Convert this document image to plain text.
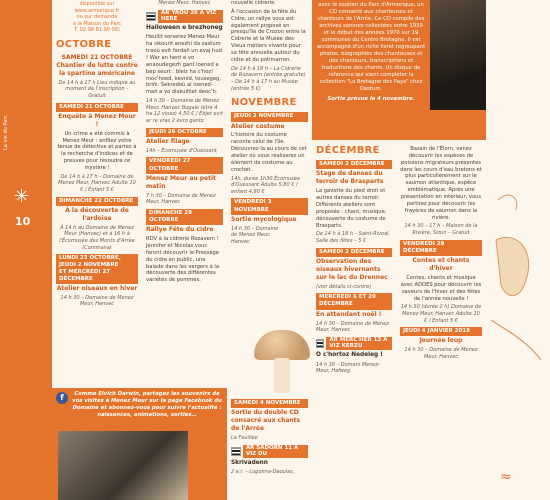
La vie du Parc
✳
10
disponible sur
www.armorique.fr
ou sur demande
à la Maison du Parc
T. 02 98 81 90 08)
OCTOBRE
SAMEDI 21 OCTOBRE
Chantier de lutte contre la spartine américaine
De 14 h à 17 h Lieu indiqué au moment de l'inscription – Gratuit
SAMEDI 21 OCTOBRE
Enquête à Menez Meur !
Un crime a été commis à Menez Meur : enfilez votre tenue de détective et partez à la recherche d'indices et de preuves pour résoudre ce mystère !
De 14 h à 17 h – Domaine de Menez Meur, Hanvec Adulte 10 € / Enfant 5 €
DIMANCHE 22 OCTOBRE
À la découverte de l'ardoise
À 14 h au Domaine de Menez Meur (Hanvec) et à 16 h à l'Écomusée des Monts d'Arrée (Commana)
LUNDI 23 OCTOBRE,
JEUDI 2 NOVEMBRE
ET MERCREDI 27
DÉCEMBRE
Atelier oiseaux en hiver
14 h 30 – Domaine de Menez Meur, Hanvec
Menez Meur, Hanvec
AR YAOU 26 A VIZ HERE
Halloween e brezhoneg
Heuliit sorserez Menez-Meur ha sikourit anezhi da zastum traoù evit fardañ un evaj hud ! War an hent e vo anaoudegezh gant loened a bep seurt : bleiz ha c'hoz! moc'hoed, kevnid, tousegeg, briñi. Sekredoù al loened-mañ a vo diskuilhet deoc'h.
14 h 30 – Domaine de Menez Meur, Hanvec Bugale (etre 4 ha 12 vloaz) 4,50 € / Ebjet evit ar re vras 2 euro ganto
JEUDI 26 OCTOBRE
Atelier filage
14h – Écomusée d'Ouessant
VENDREDI 27 OCTOBRE
Menez Meur au petit matin
7 h 30 – Domaine de Menez Meur, Hanvec
DIMANCHE 29 OCTOBRE
Rallye Fête du cidre
RDV à la cidrerie Rozavern ! Jennifer et Nicolas vous feront découvrir le Pressage du cidre en public, une balade dans les vergers à la découverte des différentes variétés de pommes.
f	Comme Elvich Darwin, partagez les souvenirs de vos visites à Menez Meur sur la page Facebook du Domaine et abonnez-vous pour suivre l'actualité : naissances, animations, sorties…
nouvelle cidrerie.
À l'occasion de la fête du Cidre, un rallye vous est également proposé en presqu'île de Crozon entre la Cidrerie et le Musée des Vieux métiers vivants pour sa fête annuelle autour du cidre et du potimarron.
De 14 h à 18 h – La Cidrerie de Rozavern (entrée gratuite) – De 14 h à 17 h au Musée (entrée 5 €)
NOVEMBRE
JEUDI 2 NOVEMBRE
Atelier costume
L'histoire du costume raconte celui de l'île. Découvrez-la au cours de cet atelier où vous réaliserez un élément de costume au crochet.
14h, durée 1h30 Écomusée d'Ouessant Adulte 5,80 € / enfant 4,80 €
VENDREDI 3 NOVEMBRE
Sortie mycologique
14 h 30 – Domaine de Menez Meur, Hanvec
SAMEDI 4 NOVEMBRE
Sortie du double CD consacré aux chants de l'Arrée
La Feuillée
AR SADORN 11 A VIZ DU
Skrivadenn
2 e.r. – Logonna-Daoulas,
avec le soutien du Parc d'Armorique, un CD consacré aux chanteuses et chanteurs de l'Arrée. Ce CD compile des archives sonores collectées entre 1939 et le début des années 1970 sur 19 communes du Centre Bretagne. Il est accompagné d'un riche livret regroupant photos, biographies des chanteuses et des chanteurs, transcriptions et traductions des chants. Un disque de référence qui vient compléter la collection "La Bretagne des Pays" chez Dastum.
Sortie prévue le 4 novembre.
DÉCEMBRE
SAMEDI 2 DÉCEMBRE
Stage de danses du terroir de Brasparts
La gavotte du pied droit et autres danses du terroir. Différents ateliers sont proposés : chant, musique, découverte du costume de Brasparts.
De 14 h à 18 h – Saint-Rivoal, Salle des fêtes – 5 €
SAMEDI 2 DÉCEMBRE
Observation des oiseaux hivernants sur le lac du Drennec
(voir détails ci-contre)
MERCREDI 6 ET 20 DÉCEMBRE
En attendant noël !
14 h 30 – Domaine de Menez Meur, Hanvec
AR MERC'HER 13 A VIZ KERZU
O c'hortoz Nedeleg !
14 h 30 – Domani Menez-Meur, Hafweg
Bassin de l'Élorn, venez découvrir les espèces de poissons migrateurs présentes dans les cours d'eau bretons et plus particulièrement sur le saumon atlantique, espèce emblématique. Après une présentation en intérieur, vous partirez pour découvrir les frayères de saumon dans la rivière.
14 h 30 – 17 h – Maison de la Rivière, Sizun – Gratuit
VENDREDI 29 DÉCEMBRE
Contes et chants d'hiver
Contes, chants et musique avec ADDES pour découvrir les saveurs de l'hiver et des fêtes de l'année nouvelle !
14 h 30 (durée 2 h) Domaine de Menez Meur, Hanvec Adulte 10 € / Enfant 5 €
JEUDI 4 JANVIER 2018
Journée loup
14 h 30 – Domaine de Menez Meur, Hanvec
≈
